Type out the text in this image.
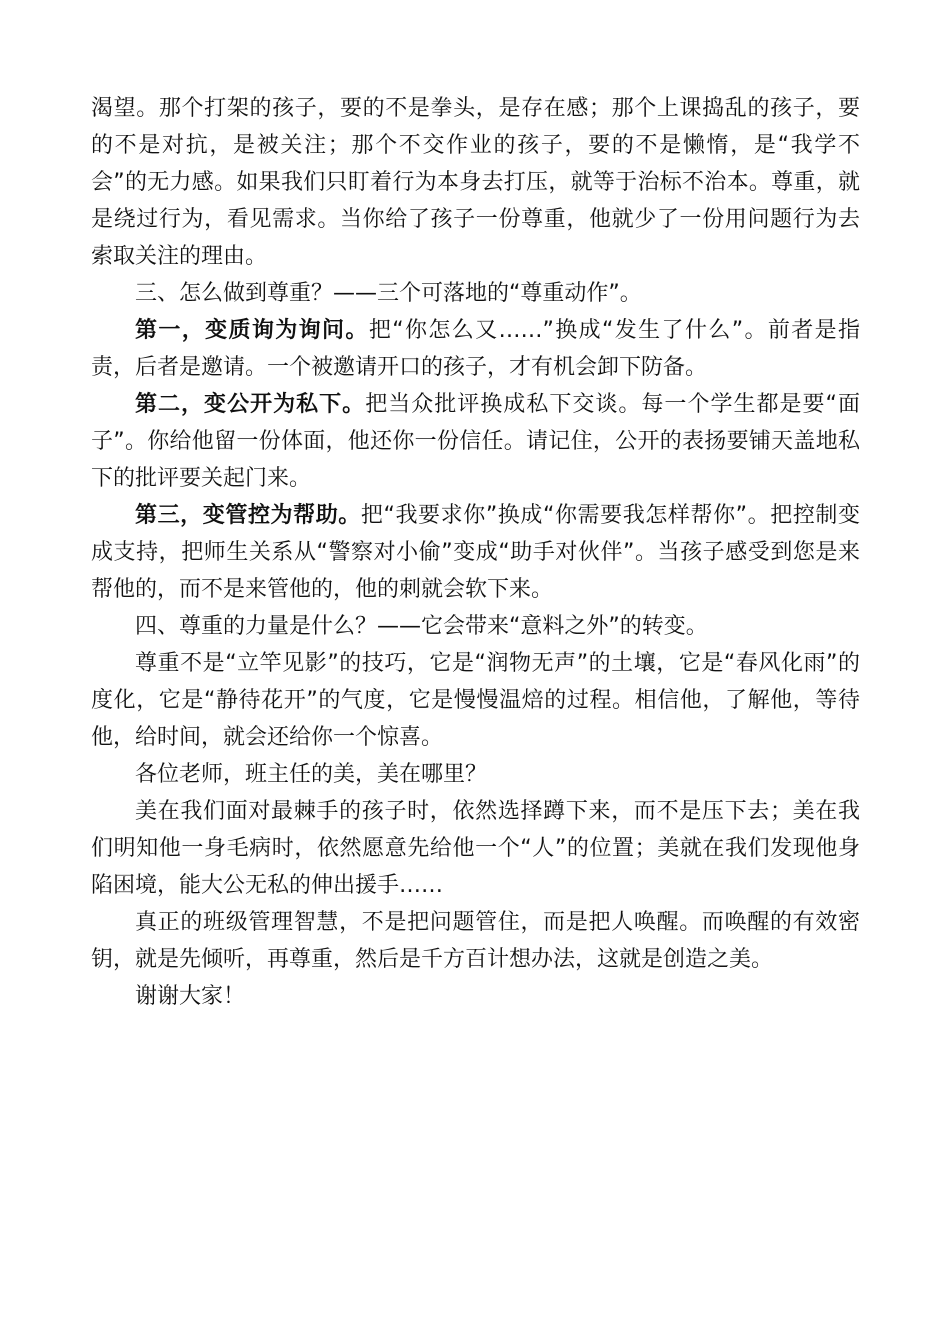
渴望。那个打架的孩子，要的不是拳头，是存在感；那个上课捣乱的孩子，要的不是对抗，是被关注；那个不交作业的孩子，要的不是懒惰，是“我学不会”的无力感。如果我们只盯着行为本身去打压，就等于治标不治本。尊重，就是绕过行为，看见需求。当你给了孩子一份尊重，他就少了一份用问题行为去索取关注的理由。

三、怎么做到尊重？——三个可落地的“尊重动作”。

第一，变质询为询问。把“你怎么又……”换成“发生了什么”。前者是指责，后者是邀请。一个被邀请开口的孩子，才有机会卸下防备。

第二，变公开为私下。把当众批评换成私下交谈。每一个学生都是要“面子”。你给他留一份体面，他还你一份信任。请记住，公开的表扬要铺天盖地私下的批评要关起门来。

第三，变管控为帮助。把“我要求你”换成“你需要我怎样帮你”。把控制变成支持，把师生关系从“警察对小偷”变成“助手对伙伴”。当孩子感受到您是来帮他的，而不是来管他的，他的刺就会软下来。

四、尊重的力量是什么？——它会带来“意料之外”的转变。

尊重不是“立竿见影”的技巧，它是“润物无声”的土壤，它是“春风化雨”的度化，它是“静待花开”的气度，它是慢慢温焙的过程。相信他，了解他，等待他，给时间，就会还给你一个惊喜。

各位老师，班主任的美，美在哪里？

美在我们面对最棘手的孩子时，依然选择蹲下来，而不是压下去；美在我们明知他一身毛病时，依然愿意先给他一个“人”的位置；美就在我们发现他身陷困境，能大公无私的伸出援手……

真正的班级管理智慧，不是把问题管住，而是把人唤醒。而唤醒的有效密钥，就是先倾听，再尊重，然后是千方百计想办法，这就是创造之美。

谢谢大家！
